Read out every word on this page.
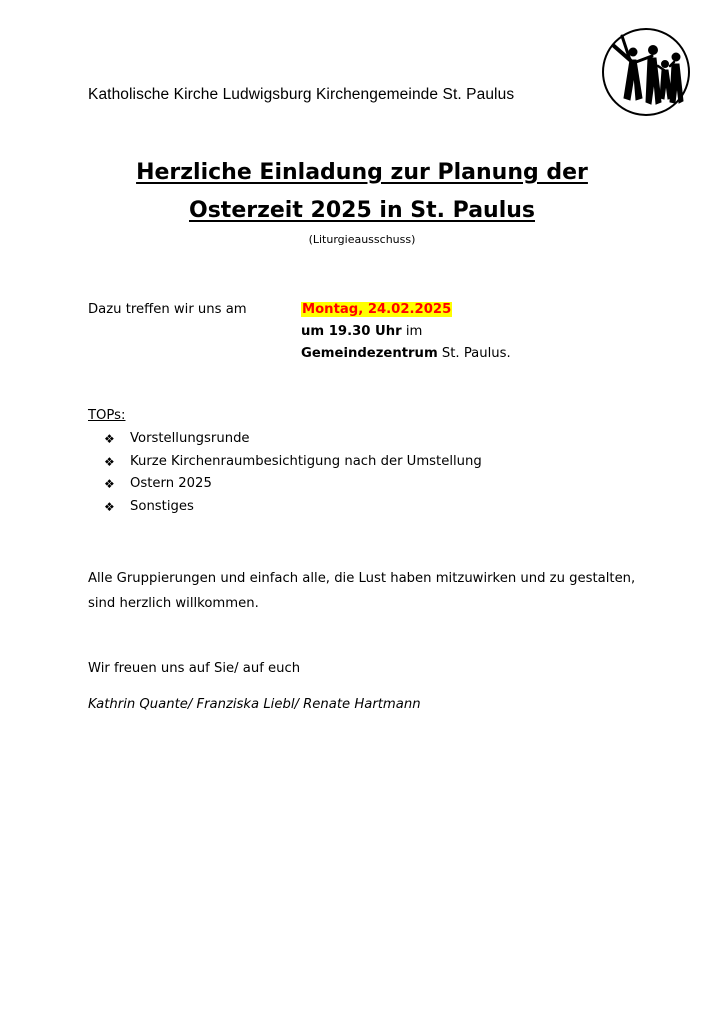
Katholische Kirche Ludwigsburg Kirchengemeinde St. Paulus
Herzliche Einladung zur Planung der
Osterzeit 2025 in St. Paulus
(Liturgieausschuss)
Dazu treffen wir uns am	Montag, 24.02.2025
um 19.30 Uhr im
Gemeindezentrum St. Paulus.
TOPs:
❖	Vorstellungsrunde
❖	Kurze Kirchenraumbesichtigung nach der Umstellung
❖	Ostern 2025
❖	Sonstiges
Alle Gruppierungen und einfach alle, die Lust haben mitzuwirken und zu gestalten, sind herzlich willkommen.
Wir freuen uns auf Sie/ auf euch
Kathrin Quante/ Franziska Liebl/ Renate Hartmann
